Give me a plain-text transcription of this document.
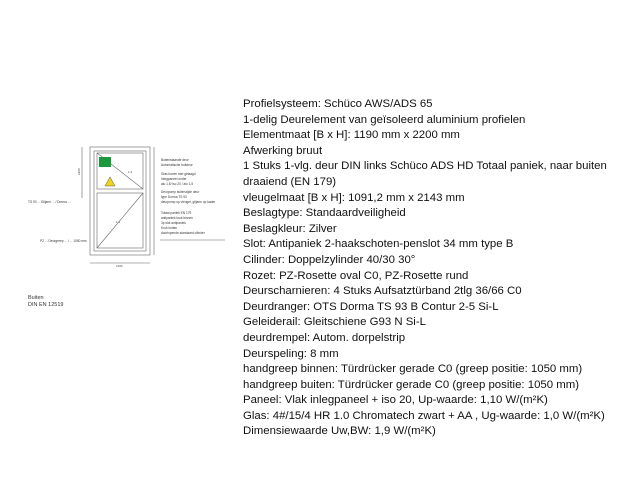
Profielsysteem: Schüco AWS/ADS 65
1-delig Deurelement van geïsoleerd aluminium profielen
Elementmaat [B x H]: 1190 mm x 2200 mm
Afwerking bruut
1 Stuks 1-vlg. deur DIN links Schüco ADS HD Totaal paniek, naar buiten
draaiend (EN 179)
vleugelmaat [B x H]: 1091,2 mm x 2143 mm
Beslagtype: Standaardveiligheid
Beslagkleur: Zilver
Slot: Antipaniek 2-haakschoten-penslot 34 mm type B
Cilinder: Doppelzylinder 40/30 30°
Rozet: PZ-Rosette oval C0, PZ-Rosette rund
Deurscharnieren: 4 Stuks Aufsatztürband 2tlg 36/66 C0
Deurdranger: OTS Dorma TS 93 B Contur 2-5 Si-L
Geleiderail: Gleitschiene G93 N Si-L
deurdrempel: Autom. dorpelstrip
Deurspeling: 8 mm
handgreep binnen: Türdrücker gerade C0 (greep positie: 1050 mm)
handgreep buiten: Türdrücker gerade C0 (greep positie: 1050 mm)
Paneel: Vlak inlegpaneel + iso 20, Up-waarde: 1,10 W/(m²K)
Glas: 4#/15/4 HR 1.0 Chromatech zwart + AA , Ug-waarde: 1,0 W/(m²K)
Dimensiewaarde Uw,BW: 1,9 W/(m²K)
1.1
1.2
1190
2200
Buitenstaande deur
Automatische buitdeur
Glas boven met gelaagd
Inlegpaneel onder
alu 1,5/ iso 20 / alu 1,5
Deurpomp buitenzijde deur
type Dorma TS 93
deurpomp op vleugel, glijarm op kader
Totaal paniek EN 179
antipaniek kruk binnen
3p slot antipaniek
Kruk buiten
doorlopende standaard cilinder
TS 93 ... Glijarm ... / Dorma ...
PZ ... Deurgreep ... / ... 1050 mm
Buiten
DIN EN 12519
